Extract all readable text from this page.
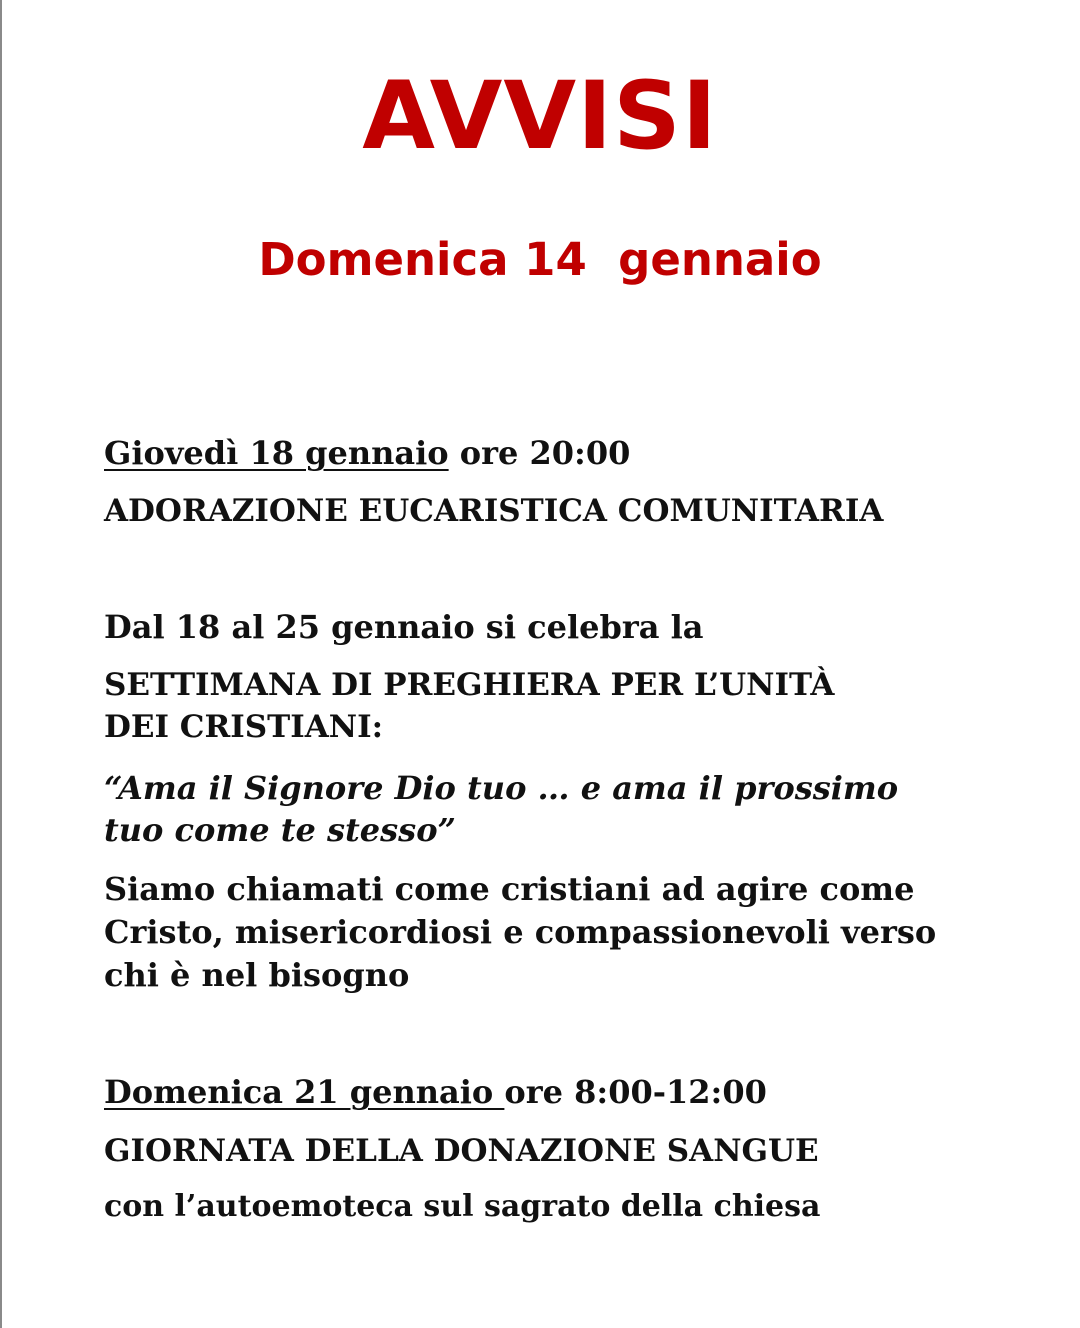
AVVISI
Domenica 14  gennaio
Giovedì 18 gennaio ore 20:00
ADORAZIONE EUCARISTICA COMUNITARIA
Dal 18 al 25 gennaio si celebra la
SETTIMANA DI PREGHIERA PER L’UNITÀ
DEI CRISTIANI:
“Ama il Signore Dio tuo … e ama il prossimo
tuo come te stesso”
Siamo chiamati come cristiani ad agire come
Cristo, misericordiosi e compassionevoli verso
chi è nel bisogno
Domenica 21 gennaio ore 8:00-12:00
GIORNATA DELLA DONAZIONE SANGUE
con l’autoemoteca sul sagrato della chiesa
